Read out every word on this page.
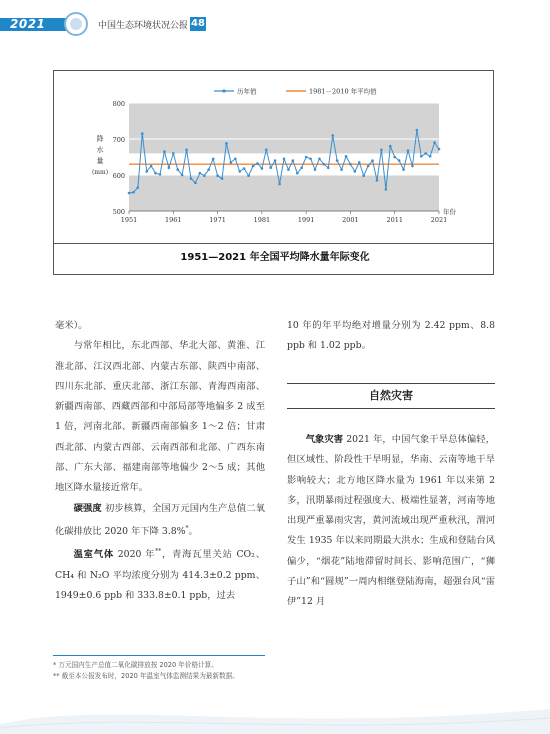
2021	中国生态环境状况公报 48
500
600
700
800
1951	1961	1971	1981	1991	2001	2011	2021
年份
降
水
量
(mm)
历年值	1981－2010 年平均值
1951—2021 年全国平均降水量年际变化

毫米）。

与常年相比，东北西部、华北大部、黄淮、江淮北部、江汉西北部、内蒙古东部、陕西中南部、四川东北部、重庆北部、浙江东部、青海西南部、新疆西南部、西藏西部和中部局部等地偏多 2 成至 1 倍，河南北部、新疆西南部偏多 1～2 倍；甘肃西北部、内蒙古西部、云南西部和北部、广西东南部、广东大部、福建南部等地偏少 2～5 成；其他地区降水量接近常年。

碳强度 初步核算，全国万元国内生产总值二氧化碳排放比 2020 年下降 3.8%*。

温室气体 2020 年**，青海瓦里关站 CO₂、CH₄ 和 N₂O 平均浓度分别为 414.3±0.2 ppm、1949±0.6 ppb 和 333.8±0.1 ppb，过去

10 年的年平均绝对增量分别为 2.42 ppm、8.8 ppb 和 1.02 ppb。

自然灾害

气象灾害 2021 年，中国气象干旱总体偏轻，但区域性、阶段性干旱明显，华南、云南等地干旱影响较大；北方地区降水量为 1961 年以来第 2 多，汛期暴雨过程强度大、极端性显著，河南等地出现严重暴雨灾害，黄河流域出现严重秋汛，渭河发生 1935 年以来同期最大洪水；生成和登陆台风偏少，“烟花”陆地滞留时间长、影响范围广，“狮子山”和“圆规”一周内相继登陆海南，超强台风“雷伊”12 月

* 万元国内生产总值二氧化碳排放按 2020 年价格计算。

** 截至本公报发布时，2020 年温室气体监测结果为最新数据。
